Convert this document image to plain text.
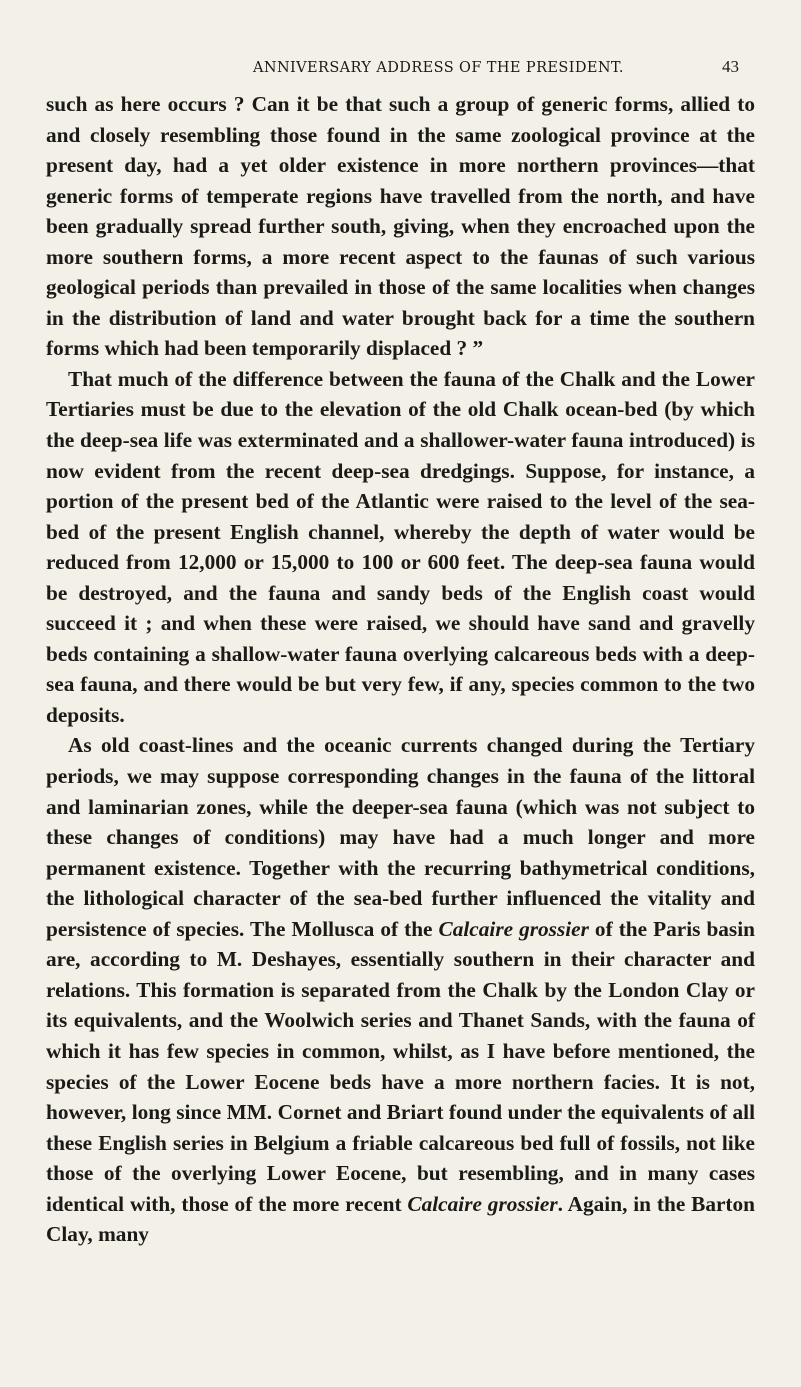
ANNIVERSARY ADDRESS OF THE PRESIDENT.	43

such as here occurs ? Can it be that such a group of generic forms, allied to and closely resembling those found in the same zoological province at the present day, had a yet older existence in more northern provinces—that generic forms of temperate regions have travelled from the north, and have been gradually spread further south, giving, when they encroached upon the more southern forms, a more recent aspect to the faunas of such various geological periods than prevailed in those of the same localities when changes in the distribution of land and water brought back for a time the southern forms which had been temporarily displaced ? ”

That much of the difference between the fauna of the Chalk and the Lower Tertiaries must be due to the elevation of the old Chalk ocean-bed (by which the deep-sea life was exterminated and a shallower-water fauna introduced) is now evident from the recent deep-sea dredgings. Suppose, for instance, a portion of the present bed of the Atlantic were raised to the level of the sea-bed of the present English channel, whereby the depth of water would be reduced from 12,000 or 15,000 to 100 or 600 feet. The deep-sea fauna would be destroyed, and the fauna and sandy beds of the English coast would succeed it ; and when these were raised, we should have sand and gravelly beds containing a shallow-water fauna overlying calcareous beds with a deep-sea fauna, and there would be but very few, if any, species common to the two deposits.

As old coast-lines and the oceanic currents changed during the Tertiary periods, we may suppose corresponding changes in the fauna of the littoral and laminarian zones, while the deeper-sea fauna (which was not subject to these changes of conditions) may have had a much longer and more permanent existence. Together with the recurring bathymetrical conditions, the lithological character of the sea-bed further influenced the vitality and persistence of species. The Mollusca of the Calcaire grossier of the Paris basin are, according to M. Deshayes, essentially southern in their character and relations. This formation is separated from the Chalk by the London Clay or its equivalents, and the Woolwich series and Thanet Sands, with the fauna of which it has few species in common, whilst, as I have before mentioned, the species of the Lower Eocene beds have a more northern facies. It is not, however, long since MM. Cornet and Briart found under the equivalents of all these English series in Belgium a friable calcareous bed full of fossils, not like those of the overlying Lower Eocene, but resembling, and in many cases identical with, those of the more recent Calcaire grossier. Again, in the Barton Clay, many
